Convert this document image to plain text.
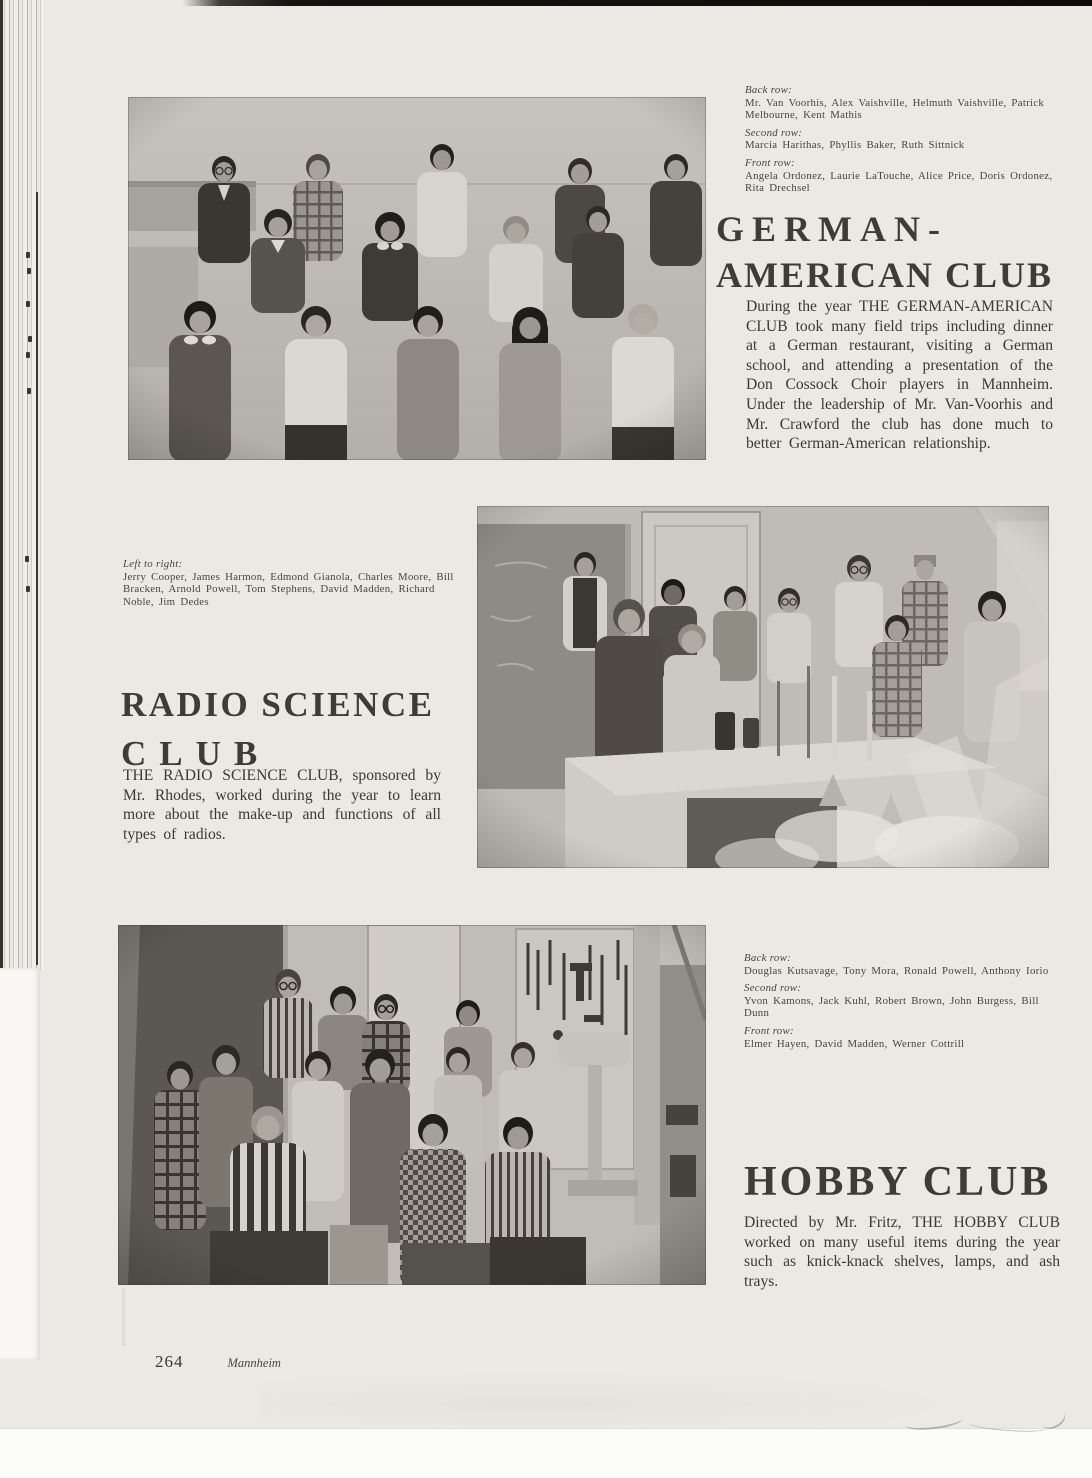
Back row:
Mr. Van Voorhis, Alex Vaishville, Helmuth Vaishville, Patrick Melbourne, Kent Mathis
Second row:
Marcia Harithas, Phyllis Baker, Ruth Sittnick
Front row:
Angela Ordonez, Laurie LaTouche, Alice Price, Doris Ordonez, Rita Drechsel
GERMAN-
AMERICAN CLUB

During the year THE GERMAN-AMERICAN CLUB took many field trips including dinner at a German restaurant, visiting a German school, and attending a presentation of the Don Cossock Choir players in Mannheim. Under the leadership of Mr. Van-Voorhis and Mr. Crawford the club has done much to better German-American relationship.

Left to right:
Jerry Cooper, James Harmon, Edmond Gianola, Charles Moore, Bill Bracken, Arnold Powell, Tom Stephens, David Madden, Richard Noble, Jim Dedes
RADIO SCIENCE
CLUB

THE RADIO SCIENCE CLUB, sponsored by Mr. Rhodes, worked during the year to learn more about the make-up and functions of all types of radios.

Back row:
Douglas Kutsavage, Tony Mora, Ronald Powell, Anthony Iorio
Second row:
Yvon Kamons, Jack Kuhl, Robert Brown, John Burgess, Bill Dunn
Front row:
Elmer Hayen, David Madden, Werner Cottrill
HOBBY CLUB

Directed by Mr. Fritz, THE HOBBY CLUB worked on many useful items during the year such as knick-knack shelves, lamps, and ash trays.

264	Mannheim
